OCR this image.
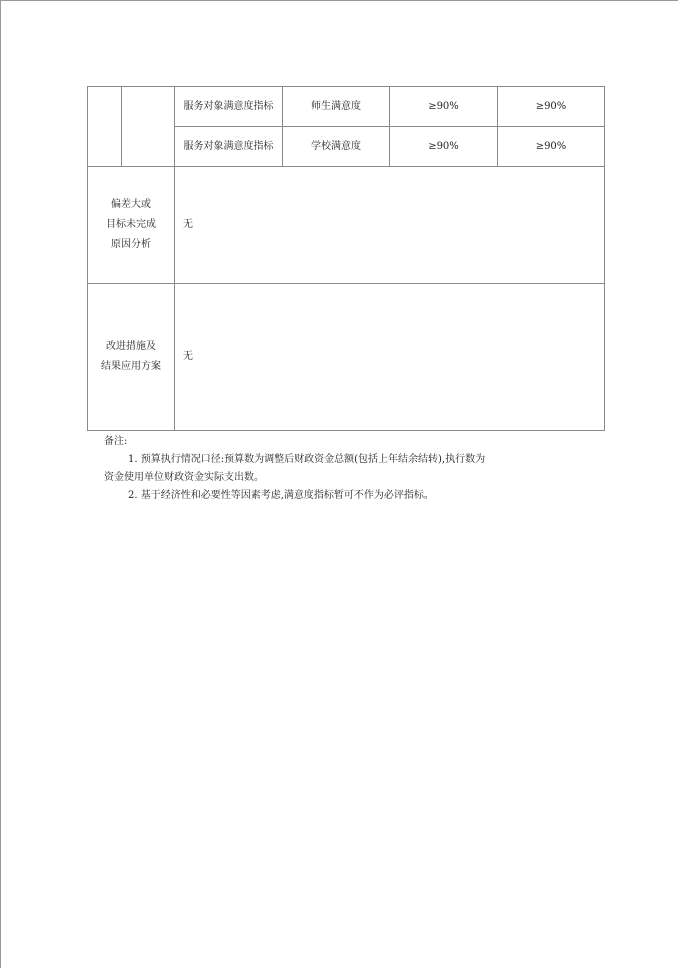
		服务对象满意度指标	师生满意度	≥90%	≥90%
		服务对象满意度指标	学校满意度	≥90%	≥90%

偏差大或
目标未完成
原因分析		无			

改进措施及
结果应用方案		无			
备注:
1. 预算执行情况口径:预算数为调整后财政资金总额(包括上年结余结转),执行数为
资金使用单位财政资金实际支出数。
2. 基于经济性和必要性等因素考虑,满意度指标暂可不作为必评指标。
